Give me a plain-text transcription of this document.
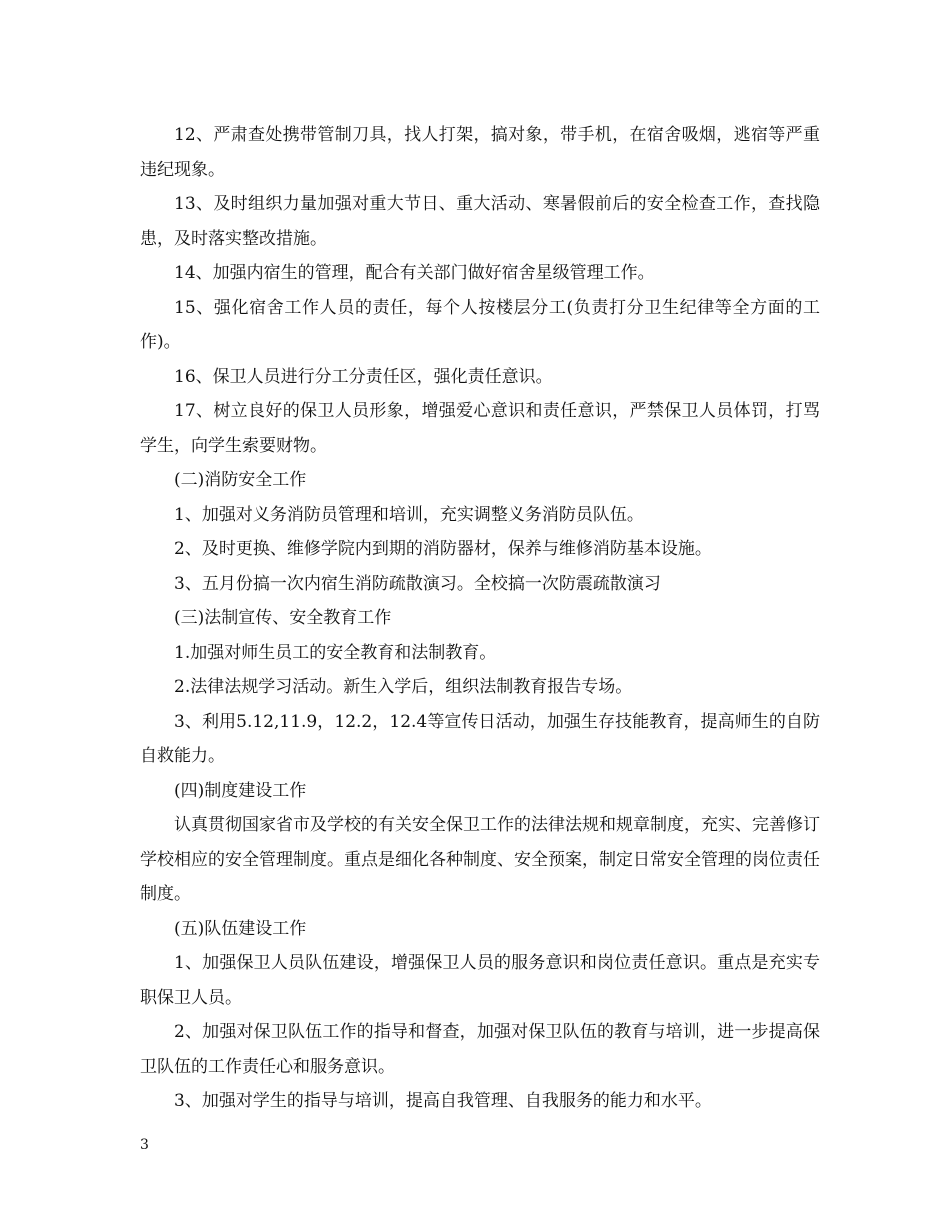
12、严肃查处携带管制刀具，找人打架，搞对象，带手机，在宿舍吸烟，逃宿等严重违纪现象。

13、及时组织力量加强对重大节日、重大活动、寒暑假前后的安全检查工作，查找隐患，及时落实整改措施。

14、加强内宿生的管理，配合有关部门做好宿舍星级管理工作。

15、强化宿舍工作人员的责任，每个人按楼层分工(负责打分卫生纪律等全方面的工作)。

16、保卫人员进行分工分责任区，强化责任意识。

17、树立良好的保卫人员形象，增强爱心意识和责任意识，严禁保卫人员体罚，打骂学生，向学生索要财物。

(二)消防安全工作

1、加强对义务消防员管理和培训，充实调整义务消防员队伍。

2、及时更换、维修学院内到期的消防器材，保养与维修消防基本设施。

3、五月份搞一次内宿生消防疏散演习。全校搞一次防震疏散演习

(三)法制宣传、安全教育工作

1.加强对师生员工的安全教育和法制教育。

2.法律法规学习活动。新生入学后，组织法制教育报告专场。

3、利用5.12,11.9，12.2，12.4等宣传日活动，加强生存技能教育，提高师生的自防自救能力。

(四)制度建设工作

认真贯彻国家省市及学校的有关安全保卫工作的法律法规和规章制度，充实、完善修订学校相应的安全管理制度。重点是细化各种制度、安全预案，制定日常安全管理的岗位责任制度。

(五)队伍建设工作

1、加强保卫人员队伍建设，增强保卫人员的服务意识和岗位责任意识。重点是充实专职保卫人员。

2、加强对保卫队伍工作的指导和督查，加强对保卫队伍的教育与培训，进一步提高保卫队伍的工作责任心和服务意识。

3、加强对学生的指导与培训，提高自我管理、自我服务的能力和水平。

3
